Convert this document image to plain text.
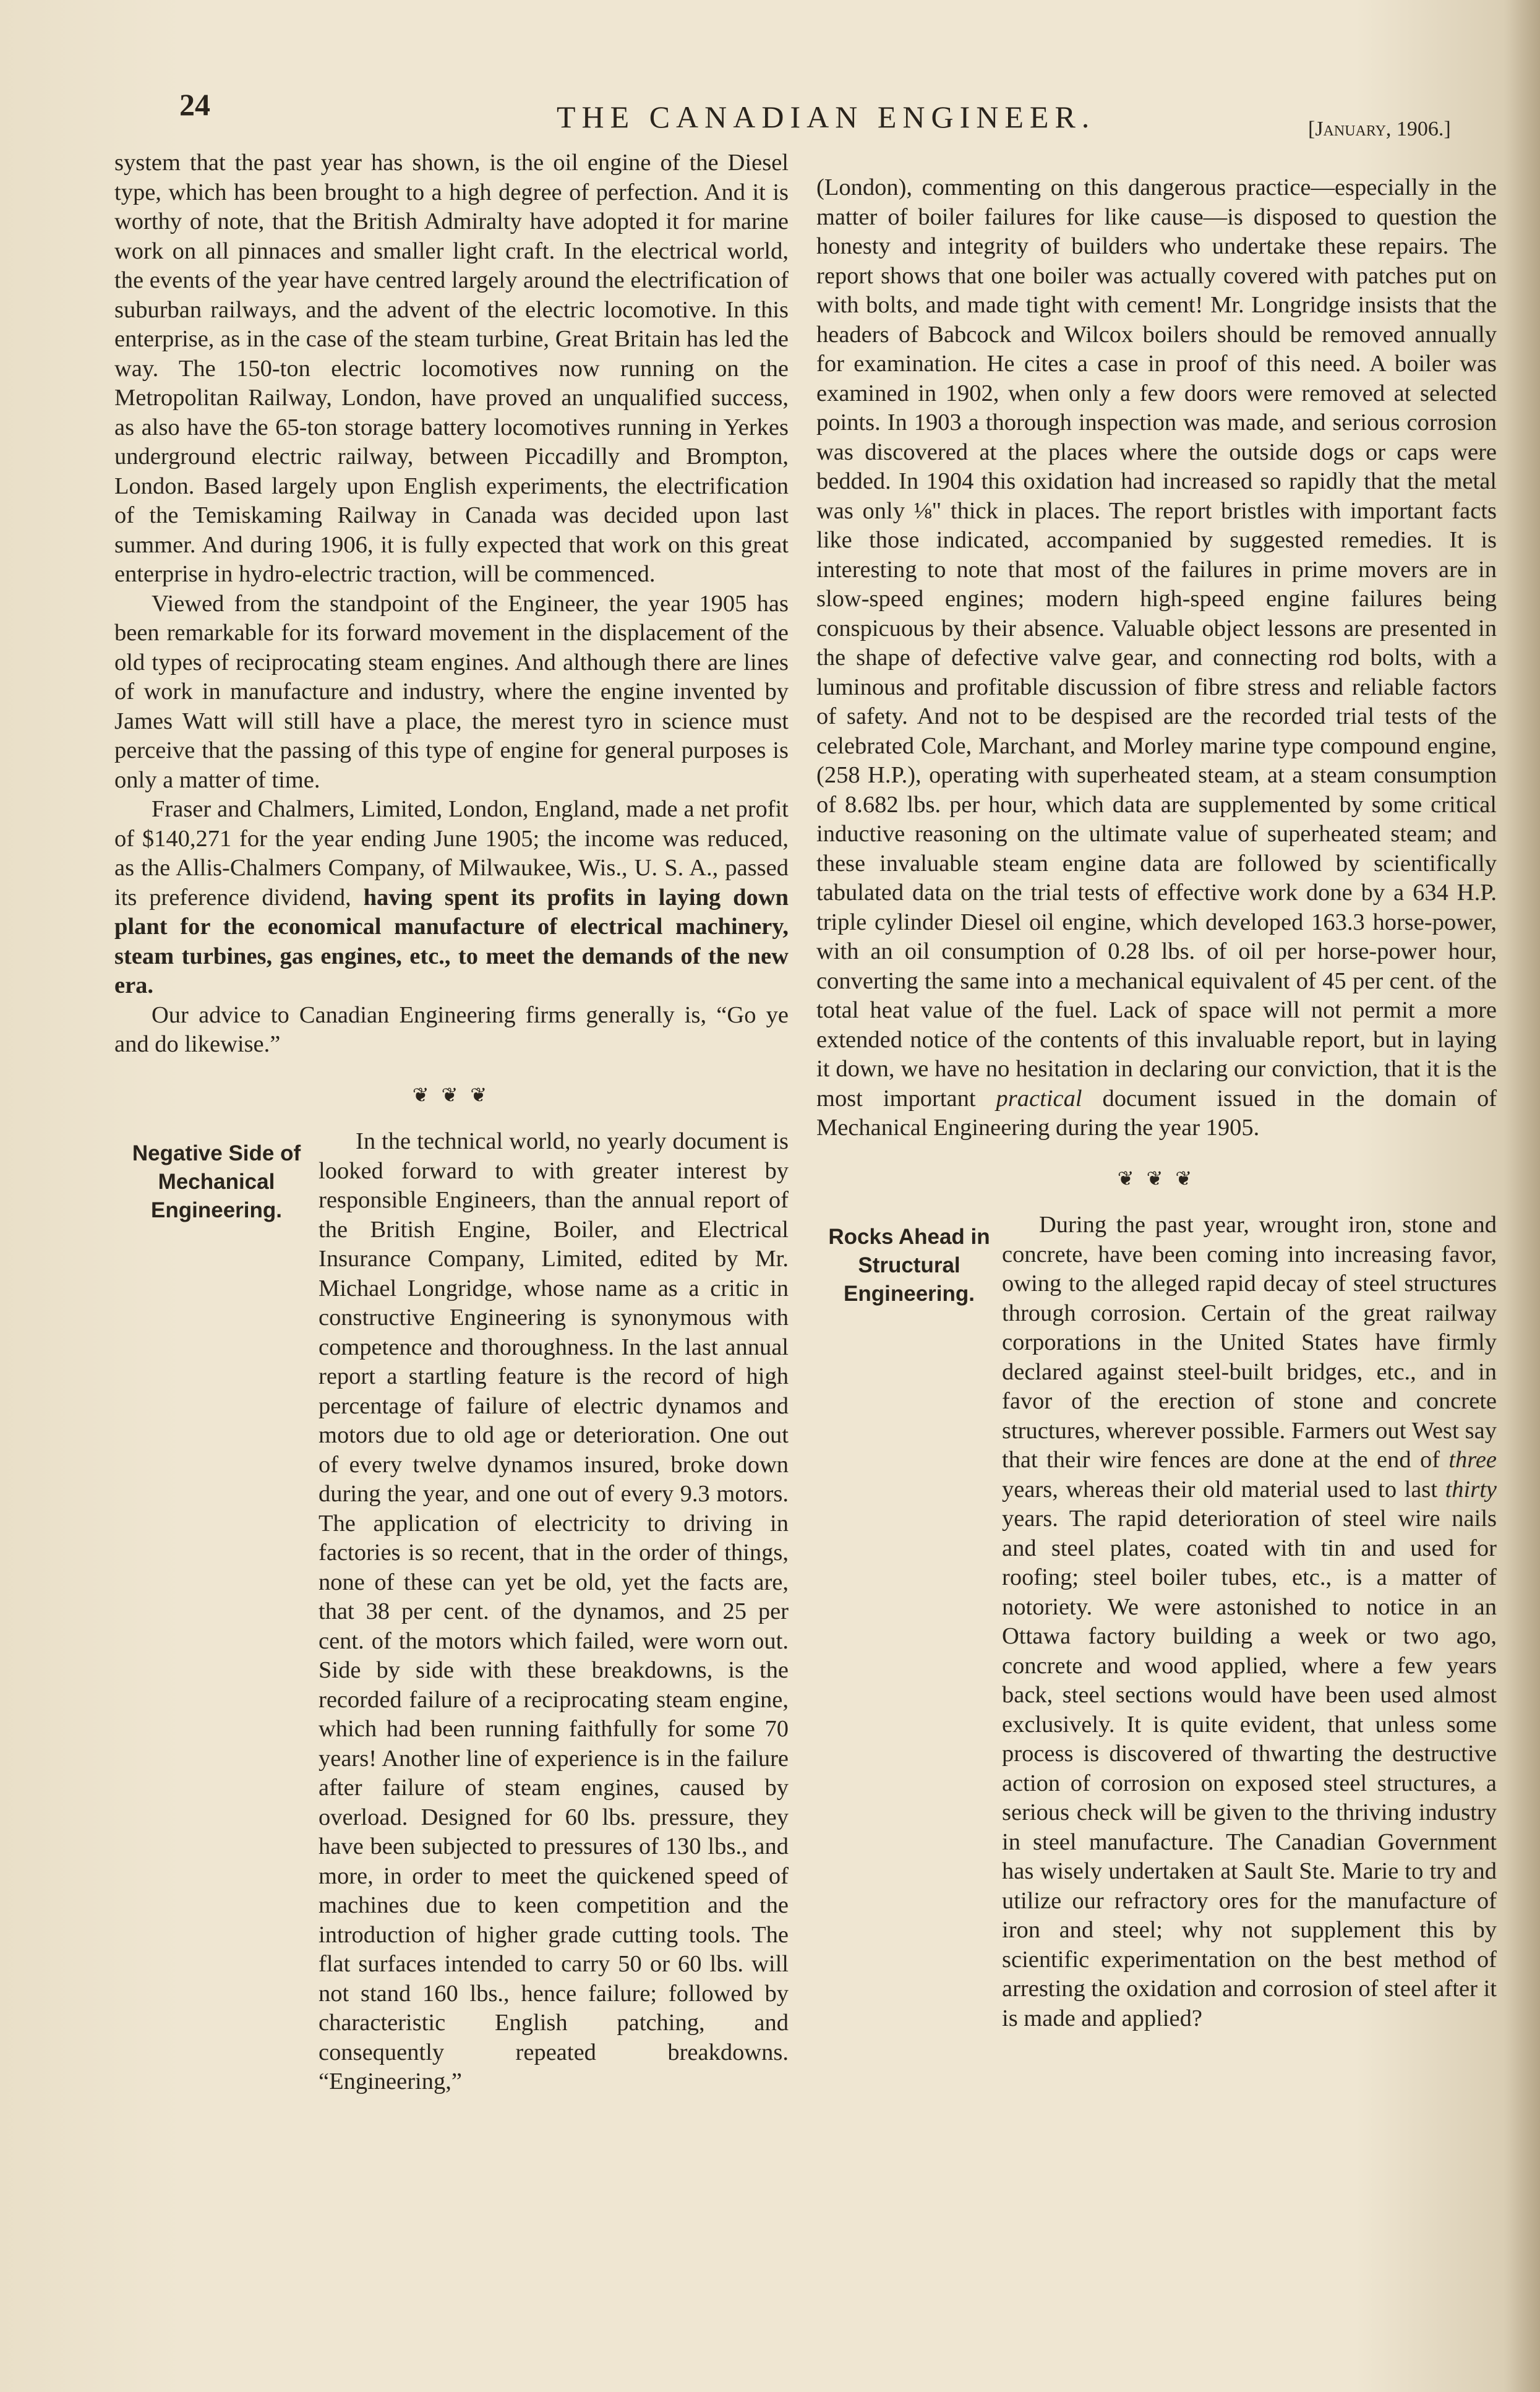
24	THE CANADIAN ENGINEER.	[January, 1906.]

system that the past year has shown, is the oil engine of the Diesel type, which has been brought to a high degree of perfection. And it is worthy of note, that the British Admiralty have adopted it for marine work on all pinnaces and smaller light craft. In the electrical world, the events of the year have centred largely around the electrification of suburban railways, and the advent of the electric locomotive. In this enterprise, as in the case of the steam turbine, Great Britain has led the way. The 150-ton electric locomotives now running on the Metropolitan Railway, London, have proved an unqualified success, as also have the 65-ton storage battery locomotives running in Yerkes underground electric railway, between Piccadilly and Brompton, London. Based largely upon English experiments, the electrification of the Temiskaming Railway in Canada was decided upon last summer. And during 1906, it is fully expected that work on this great enterprise in hydro-electric traction, will be commenced.

Viewed from the standpoint of the Engineer, the year 1905 has been remarkable for its forward movement in the displacement of the old types of reciprocating steam engines. And although there are lines of work in manufacture and industry, where the engine invented by James Watt will still have a place, the merest tyro in science must perceive that the passing of this type of engine for general purposes is only a matter of time.

Fraser and Chalmers, Limited, London, England, made a net profit of $140,271 for the year ending June 1905; the income was reduced, as the Allis-Chalmers Company, of Milwaukee, Wis., U. S. A., passed its preference dividend, having spent its profits in laying down plant for the economical manufacture of electrical machinery, steam turbines, gas engines, etc., to meet the demands of the new era.

Our advice to Canadian Engineering firms generally is, “Go ye and do likewise.”

❦ ❦ ❦
Negative Side of Mechanical Engineering.

In the technical world, no yearly document is looked forward to with greater interest by responsible Engineers, than the annual report of the British Engine, Boiler, and Electrical Insurance Company, Limited, edited by Mr. Michael Longridge, whose name as a critic in constructive Engineering is synonymous with competence and thoroughness. In the last annual report a startling feature is the record of high percentage of failure of electric dynamos and motors due to old age or deterioration. One out of every twelve dynamos insured, broke down during the year, and one out of every 9.3 motors. The application of electricity to driving in factories is so recent, that in the order of things, none of these can yet be old, yet the facts are, that 38 per cent. of the dynamos, and 25 per cent. of the motors which failed, were worn out. Side by side with these breakdowns, is the recorded failure of a reciprocating steam engine, which had been running faithfully for some 70 years! Another line of experience is in the failure after failure of steam engines, caused by overload. Designed for 60 lbs. pressure, they have been subjected to pressures of 130 lbs., and more, in order to meet the quickened speed of machines due to keen competition and the introduction of higher grade cutting tools. The flat surfaces intended to carry 50 or 60 lbs. will not stand 160 lbs., hence failure; followed by characteristic English patching, and consequently repeated breakdowns. “Engineering,”

(London), commenting on this dangerous practice—especially in the matter of boiler failures for like cause—is disposed to question the honesty and integrity of builders who undertake these repairs. The report shows that one boiler was actually covered with patches put on with bolts, and made tight with cement! Mr. Longridge insists that the headers of Babcock and Wilcox boilers should be removed annually for examination. He cites a case in proof of this need. A boiler was examined in 1902, when only a few doors were removed at selected points. In 1903 a thorough inspection was made, and serious corrosion was discovered at the places where the outside dogs or caps were bedded. In 1904 this oxidation had increased so rapidly that the metal was only ⅛" thick in places. The report bristles with important facts like those indicated, accompanied by suggested remedies. It is interesting to note that most of the failures in prime movers are in slow-speed engines; modern high-speed engine failures being conspicuous by their absence. Valuable object lessons are presented in the shape of defective valve gear, and connecting rod bolts, with a luminous and profitable discussion of fibre stress and reliable factors of safety. And not to be despised are the recorded trial tests of the celebrated Cole, Marchant, and Morley marine type compound engine, (258 H.P.), operating with superheated steam, at a steam consumption of 8.682 lbs. per hour, which data are supplemented by some critical inductive reasoning on the ultimate value of superheated steam; and these invaluable steam engine data are followed by scientifically tabulated data on the trial tests of effective work done by a 634 H.P. triple cylinder Diesel oil engine, which developed 163.3 horse-power, with an oil consumption of 0.28 lbs. of oil per horse-power hour, converting the same into a mechanical equivalent of 45 per cent. of the total heat value of the fuel. Lack of space will not permit a more extended notice of the contents of this invaluable report, but in laying it down, we have no hesitation in declaring our conviction, that it is the most important practical document issued in the domain of Mechanical Engineering during the year 1905.

❦ ❦ ❦
Rocks Ahead in Structural Engineering.

During the past year, wrought iron, stone and concrete, have been coming into increasing favor, owing to the alleged rapid decay of steel structures through corrosion. Certain of the great railway corporations in the United States have firmly declared against steel-built bridges, etc., and in favor of the erection of stone and concrete structures, wherever possible. Farmers out West say that their wire fences are done at the end of three years, whereas their old material used to last thirty years. The rapid deterioration of steel wire nails and steel plates, coated with tin and used for roofing; steel boiler tubes, etc., is a matter of notoriety. We were astonished to notice in an Ottawa factory building a week or two ago, concrete and wood applied, where a few years back, steel sections would have been used almost exclusively. It is quite evident, that unless some process is discovered of thwarting the destructive action of corrosion on exposed steel structures, a serious check will be given to the thriving industry in steel manufacture. The Canadian Government has wisely undertaken at Sault Ste. Marie to try and utilize our refractory ores for the manufacture of iron and steel; why not supplement this by scientific experimentation on the best method of arresting the oxidation and corrosion of steel after it is made and applied?
